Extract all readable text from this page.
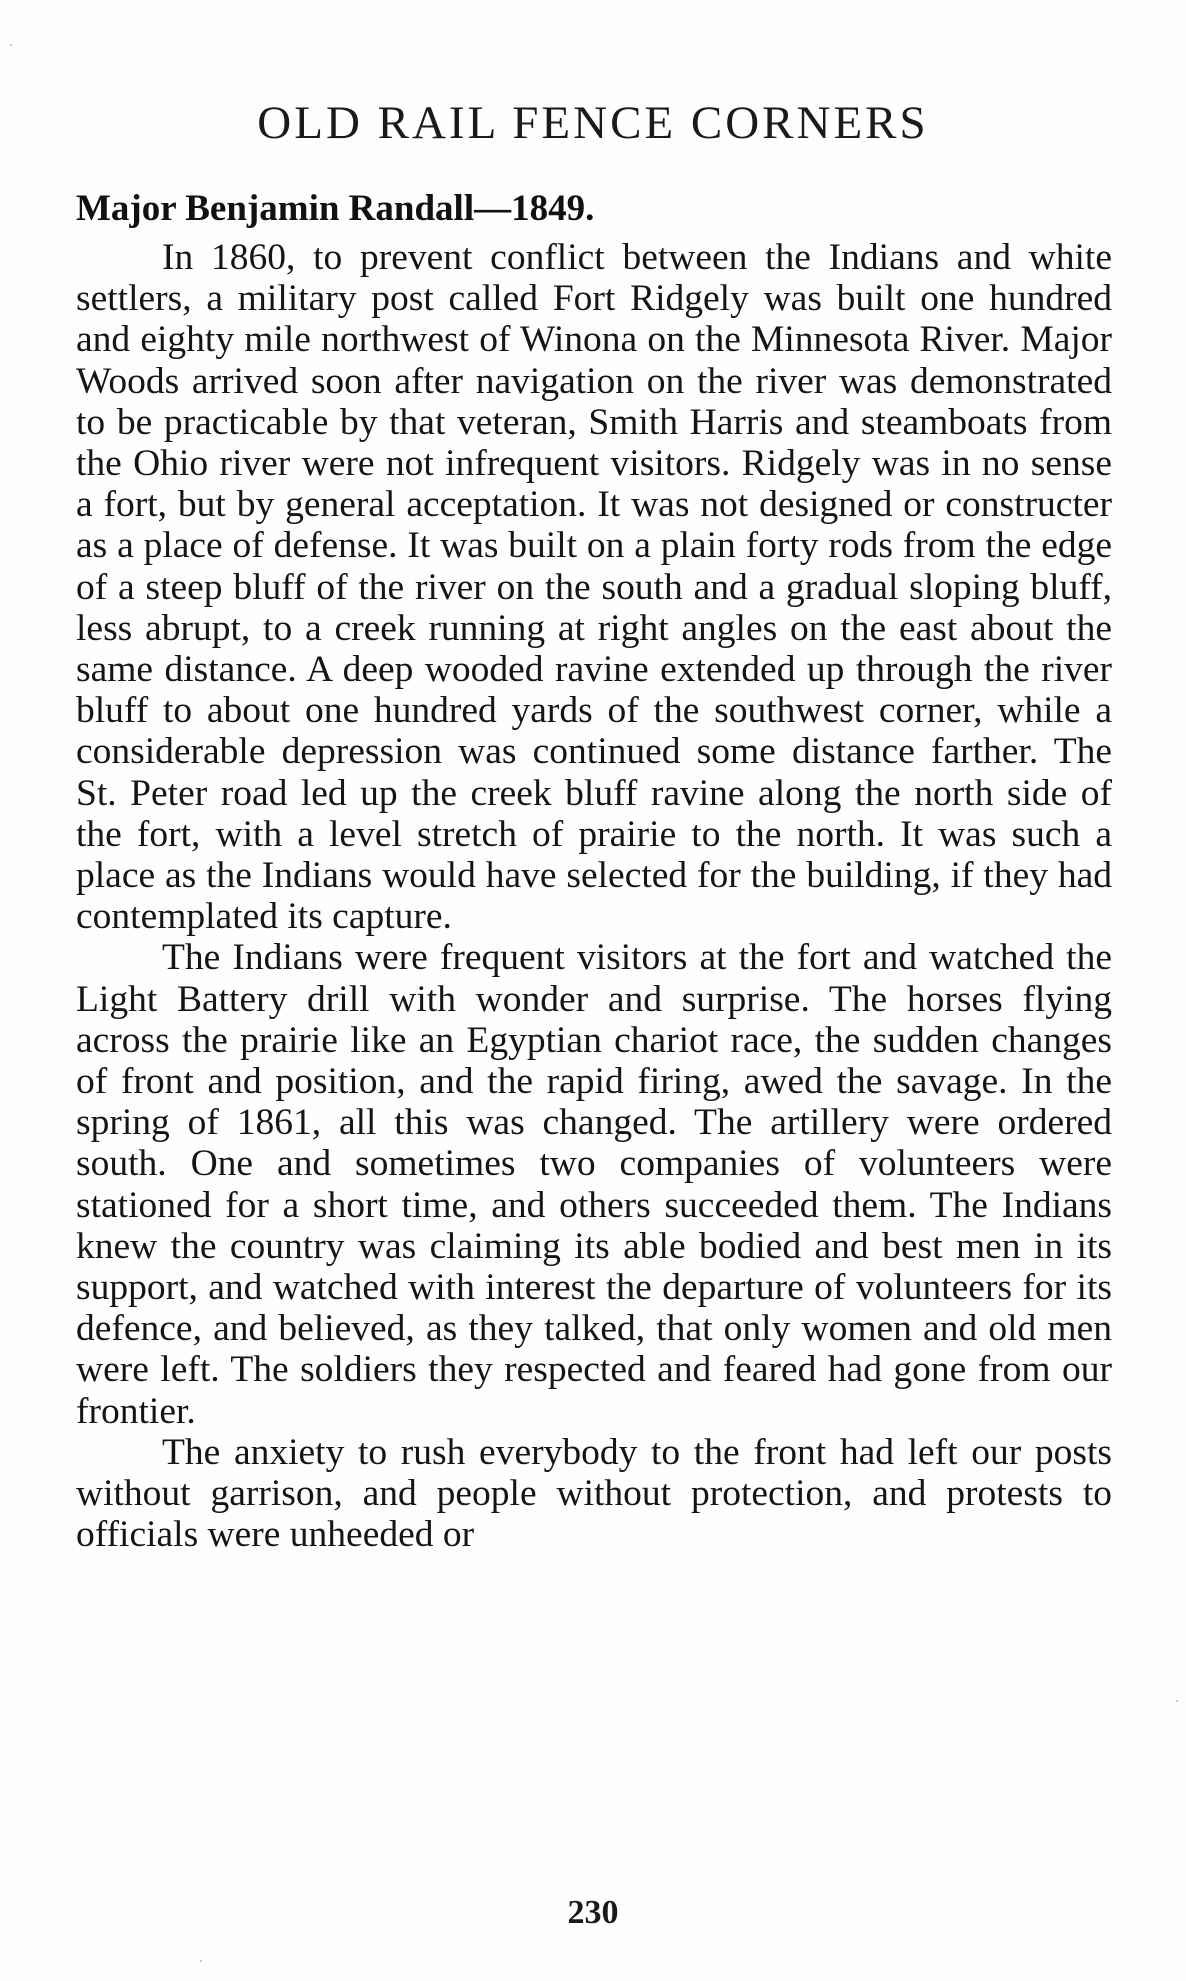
OLD RAIL FENCE CORNERS
Major Benjamin Randall—1849.

In 1860, to prevent conflict between the Indians and white settlers, a military post called Fort Ridgely was built one hundred and eighty mile northwest of Winona on the Minnesota River. Major Woods arrived soon after navigation on the river was demonstrated to be practicable by that veteran, Smith Harris and steamboats from the Ohio river were not infrequent visitors. Ridgely was in no sense a fort, but by general acceptation. It was not designed or constructer as a place of defense. It was built on a plain forty rods from the edge of a steep bluff of the river on the south and a gradual sloping bluff, less abrupt, to a creek running at right angles on the east about the same distance. A deep wooded ravine extended up through the river bluff to about one hundred yards of the southwest corner, while a considerable depression was continued some distance farther. The St. Peter road led up the creek bluff ravine along the north side of the fort, with a level stretch of prairie to the north. It was such a place as the Indians would have selected for the building, if they had contemplated its capture.

The Indians were frequent visitors at the fort and watched the Light Battery drill with wonder and surprise. The horses flying across the prairie like an Egyptian chariot race, the sudden changes of front and position, and the rapid firing, awed the savage. In the spring of 1861, all this was changed. The artillery were ordered south. One and sometimes two companies of volunteers were stationed for a short time, and others succeeded them. The Indians knew the country was claiming its able bodied and best men in its support, and watched with interest the departure of volunteers for its defence, and believed, as they talked, that only women and old men were left. The soldiers they respected and feared had gone from our frontier.

The anxiety to rush everybody to the front had left our posts without garrison, and people without protection, and protests to officials were unheeded or

230
